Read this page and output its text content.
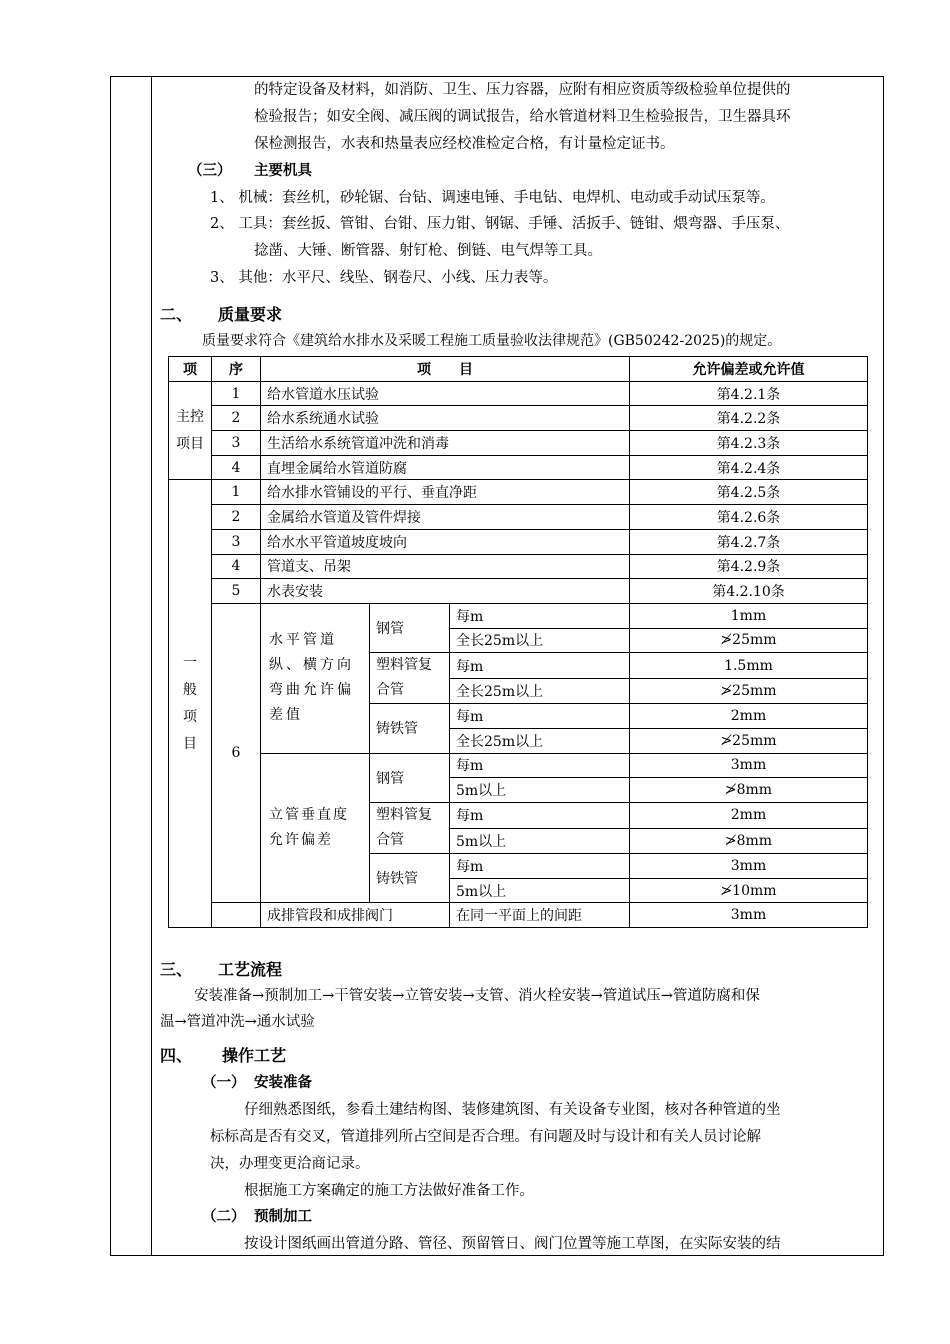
的特定设备及材料，如消防、卫生、压力容器，应附有相应资质等级检验单位提供的
检验报告；如安全阀、减压阀的调试报告，给水管道材料卫生检验报告，卫生器具环
保检测报告，水表和热量表应经校准检定合格，有计量检定证书。
（三） 主要机具
1、 机械：套丝机，砂轮锯、台钻、调速电锤、手电钻、电焊机、电动或手动试压泵等。
2、 工具：套丝扳、管钳、台钳、压力钳、钢锯、手锤、活扳手、链钳、煨弯器、手压泵、
捻凿、大锤、断管器、射钉枪、倒链、电气焊等工具。
3、 其他：水平尺、线坠、钢卷尺、小线、压力表等。
二、 质量要求
质量要求符合《建筑给水排水及采暖工程施工质量验收法律规范》(GB50242-2025)的规定。
项	序	项　　目			允许偏差或允许值
主控项目	1	给水管道水压试验			第4.2.1条
	2	给水系统通水试验			第4.2.2条
	3	生活给水系统管道冲洗和消毒			第4.2.3条
	4	直埋金属给水管道防腐			第4.2.4条
一般项目	1	给水排水管铺设的平行、垂直净距			第4.2.5条
	2	金属给水管道及管件焊接			第4.2.6条
	3	给水水平管道坡度坡向			第4.2.7条
	4	管道支、吊架			第4.2.9条
	5	水表安装			第4.2.10条
	6	水平管道纵、横方向弯曲允许偏差值	钢管	每m	1mm
				全长25m以上	≯25mm
			塑料管复合管	每m	1.5mm
				全长25m以上	≯25mm
			铸铁管	每m	2mm
				全长25m以上	≯25mm
		立管垂直度允许偏差	钢管	每m	3mm
				5m以上	≯8mm
			塑料管复合管	每m	2mm
				5m以上	≯8mm
			铸铁管	每m	3mm
				5m以上	≯10mm
		成排管段和成排阀门		在同一平面上的间距	3mm
三、 工艺流程
安装准备→预制加工→干管安装→立管安装→支管、消火栓安装→管道试压→管道防腐和保
温→管道冲洗→通水试验
四、 操作工艺
（一） 安装准备
仔细熟悉图纸，参看土建结构图、装修建筑图、有关设备专业图，核对各种管道的坐
标标高是否有交叉，管道排列所占空间是否合理。有问题及时与设计和有关人员讨论解
决，办理变更洽商记录。
根据施工方案确定的施工方法做好准备工作。
（二） 预制加工
按设计图纸画出管道分路、管径、预留管日、阀门位置等施工草图，在实际安装的结
